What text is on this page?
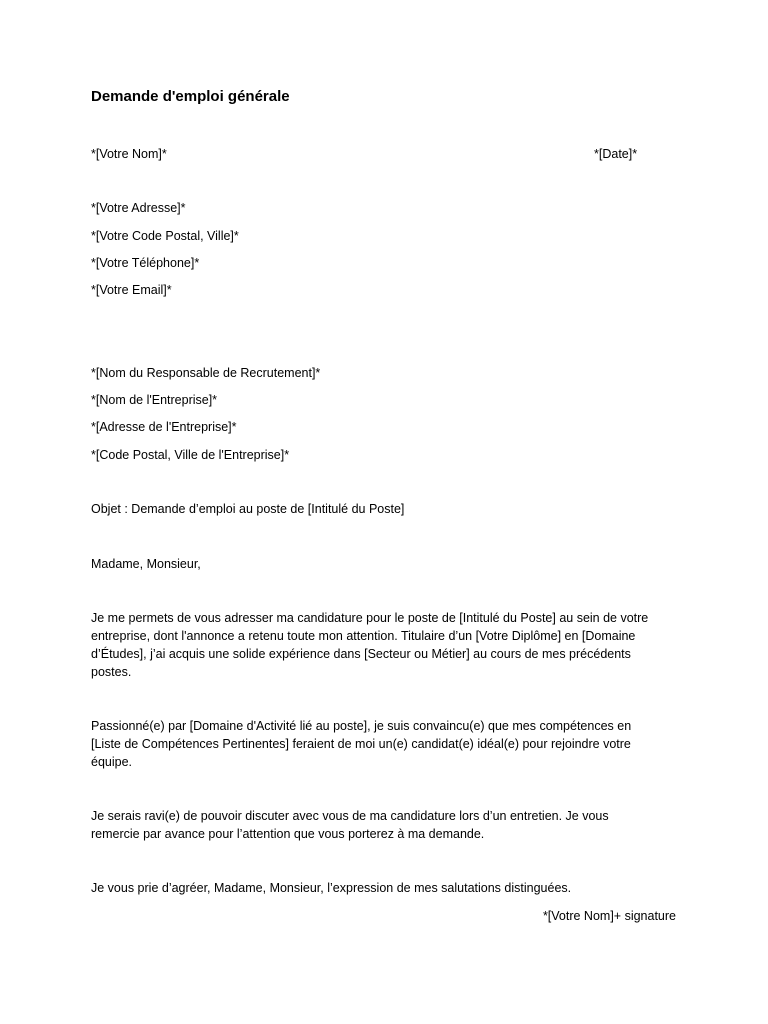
Demande d'emploi générale
*[Votre Nom]*	*[Date]*
*[Votre Adresse]*
*[Votre Code Postal, Ville]*
*[Votre Téléphone]*
*[Votre Email]*
*[Nom du Responsable de Recrutement]*
*[Nom de l'Entreprise]*
*[Adresse de l'Entreprise]*
*[Code Postal, Ville de l'Entreprise]*
Objet : Demande d’emploi au poste de [Intitulé du Poste]
Madame, Monsieur,
Je me permets de vous adresser ma candidature pour le poste de [Intitulé du Poste] au sein de votre
entreprise, dont l'annonce a retenu toute mon attention. Titulaire d’un [Votre Diplôme] en [Domaine
d’Études], j’ai acquis une solide expérience dans [Secteur ou Métier] au cours de mes précédents
postes.
Passionné(e) par [Domaine d'Activité lié au poste], je suis convaincu(e) que mes compétences en
[Liste de Compétences Pertinentes] feraient de moi un(e) candidat(e) idéal(e) pour rejoindre votre
équipe.
Je serais ravi(e) de pouvoir discuter avec vous de ma candidature lors d’un entretien. Je vous
remercie par avance pour l’attention que vous porterez à ma demande.
Je vous prie d’agréer, Madame, Monsieur, l’expression de mes salutations distinguées.
*[Votre Nom]+ signature
